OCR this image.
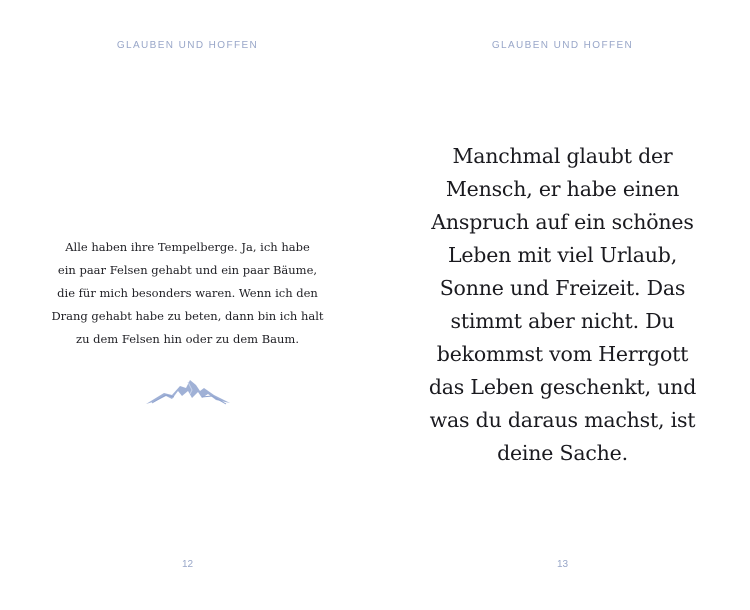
GLAUBEN UND HOFFEN
Alle haben ihre Tempelberge. Ja, ich habe
ein paar Felsen gehabt und ein paar Bäume,
die für mich besonders waren. Wenn ich den
Drang gehabt habe zu beten, dann bin ich halt
zu dem Felsen hin oder zu dem Baum.
12
GLAUBEN UND HOFFEN
Manchmal glaubt der
Mensch, er habe einen
Anspruch auf ein schönes
Leben mit viel Urlaub,
Sonne und Freizeit. Das
stimmt aber nicht. Du
bekommst vom Herrgott
das Leben geschenkt, und
was du daraus machst, ist
deine Sache.
13
